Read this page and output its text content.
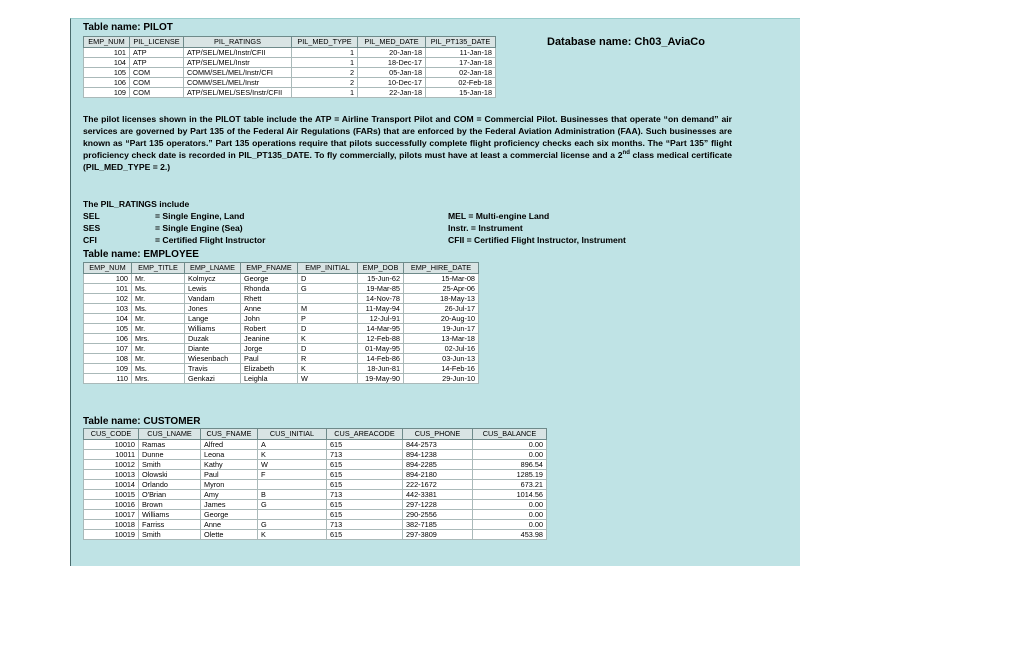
Table name: PILOT
EMP_NUM	PIL_LICENSE	PIL_RATINGS	PIL_MED_TYPE	PIL_MED_DATE	PIL_PT135_DATE
101	ATP	ATP/SEL/MEL/Instr/CFII	1	20-Jan-18	11-Jan-18
104	ATP	ATP/SEL/MEL/Instr	1	18-Dec-17	17-Jan-18
105	COM	COMM/SEL/MEL/Instr/CFI	2	05-Jan-18	02-Jan-18
106	COM	COMM/SEL/MEL/Instr	2	10-Dec-17	02-Feb-18
109	COM	ATP/SEL/MEL/SES/Instr/CFII	1	22-Jan-18	15-Jan-18
Database name: Ch03_AviaCo

The pilot licenses shown in the PILOT table include the ATP = Airline Transport Pilot and COM = Commercial Pilot. Businesses that operate “on demand” air services are governed by Part 135 of the Federal Air Regulations (FARs) that are enforced by the Federal Aviation Administration (FAA). Such businesses are known as “Part 135 operators.” Part 135 operations require that pilots successfully complete flight proficiency checks each six months. The “Part 135” flight proficiency check date is recorded in PIL_PT135_DATE. To fly commercially, pilots must have at least a commercial license and a 2nd class medical certificate (PIL_MED_TYPE = 2.)

The PIL_RATINGS include
SEL	= Single Engine, Land
SES	= Single Engine (Sea)
CFI	= Certified Flight Instructor
MEL = Multi-engine Land
Instr. = Instrument
CFII = Certified Flight Instructor, Instrument
Table name: EMPLOYEE
EMP_NUM	EMP_TITLE	EMP_LNAME	EMP_FNAME	EMP_INITIAL	EMP_DOB	EMP_HIRE_DATE
100	Mr.	Kolmycz	George	D	15-Jun-62	15-Mar-08
101	Ms.	Lewis	Rhonda	G	19-Mar-85	25-Apr-06
102	Mr.	Vandam	Rhett		14-Nov-78	18-May-13
103	Ms.	Jones	Anne	M	11-May-94	26-Jul-17
104	Mr.	Lange	John	P	12-Jul-91	20-Aug-10
105	Mr.	Williams	Robert	D	14-Mar-95	19-Jun-17
106	Mrs.	Duzak	Jeanine	K	12-Feb-88	13-Mar-18
107	Mr.	Diante	Jorge	D	01-May-95	02-Jul-16
108	Mr.	Wiesenbach	Paul	R	14-Feb-86	03-Jun-13
109	Ms.	Travis	Elizabeth	K	18-Jun-81	14-Feb-16
110	Mrs.	Genkazi	Leighla	W	19-May-90	29-Jun-10
Table name: CUSTOMER
CUS_CODE	CUS_LNAME	CUS_FNAME	CUS_INITIAL	CUS_AREACODE	CUS_PHONE	CUS_BALANCE
10010	Ramas	Alfred	A	615	844-2573	0.00
10011	Dunne	Leona	K	713	894-1238	0.00
10012	Smith	Kathy	W	615	894-2285	896.54
10013	Olowski	Paul	F	615	894-2180	1285.19
10014	Orlando	Myron		615	222-1672	673.21
10015	O'Brian	Amy	B	713	442-3381	1014.56
10016	Brown	James	G	615	297-1228	0.00
10017	Williams	George		615	290-2556	0.00
10018	Farriss	Anne	G	713	382-7185	0.00
10019	Smith	Olette	K	615	297-3809	453.98
